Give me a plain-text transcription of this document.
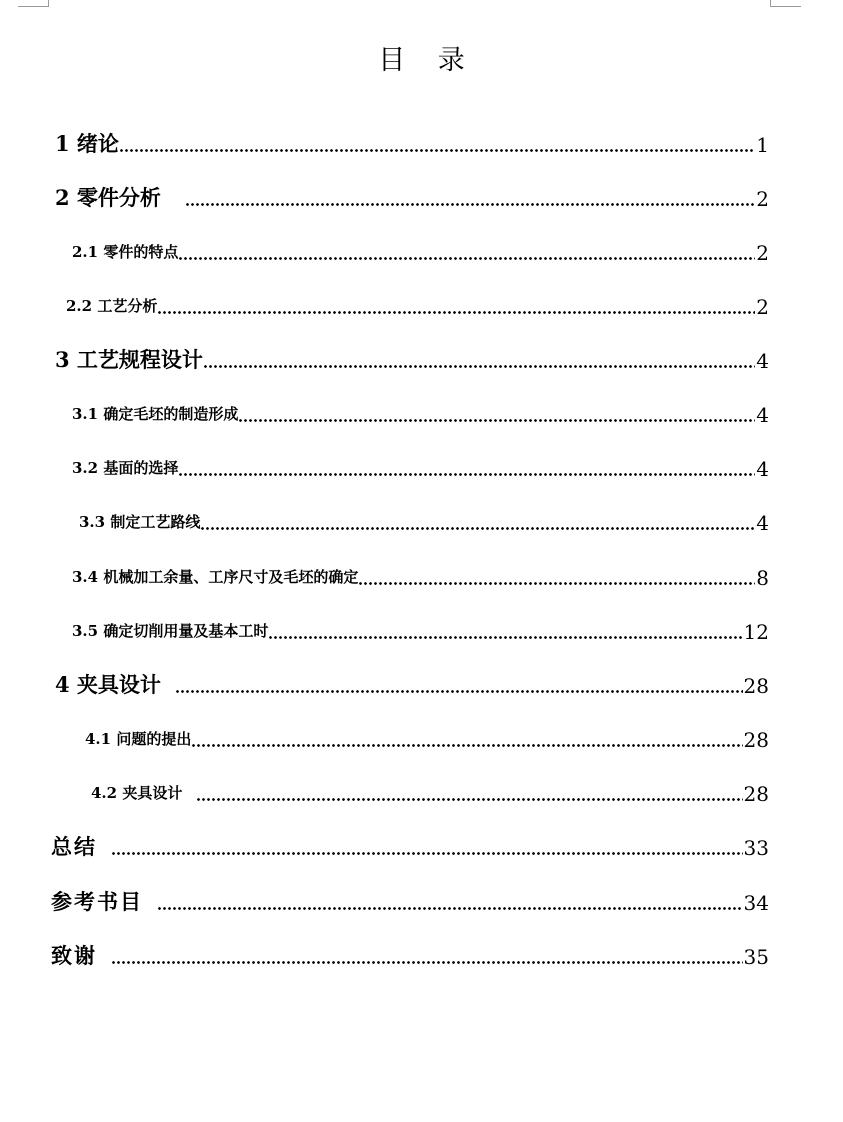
目 录
1 绪论	1
2 零件分析	2
2.1 零件的特点	2
2.2 工艺分析	2
3 工艺规程设计	4
3.1 确定毛坯的制造形成	4
3.2 基面的选择	4
3.3 制定工艺路线	4
3.4 机械加工余量、工序尺寸及毛坯的确定	8
3.5 确定切削用量及基本工时	12
4 夹具设计	28
4.1 问题的提出	28
4.2 夹具设计	28
总结	33
参考书目	34
致谢	35
